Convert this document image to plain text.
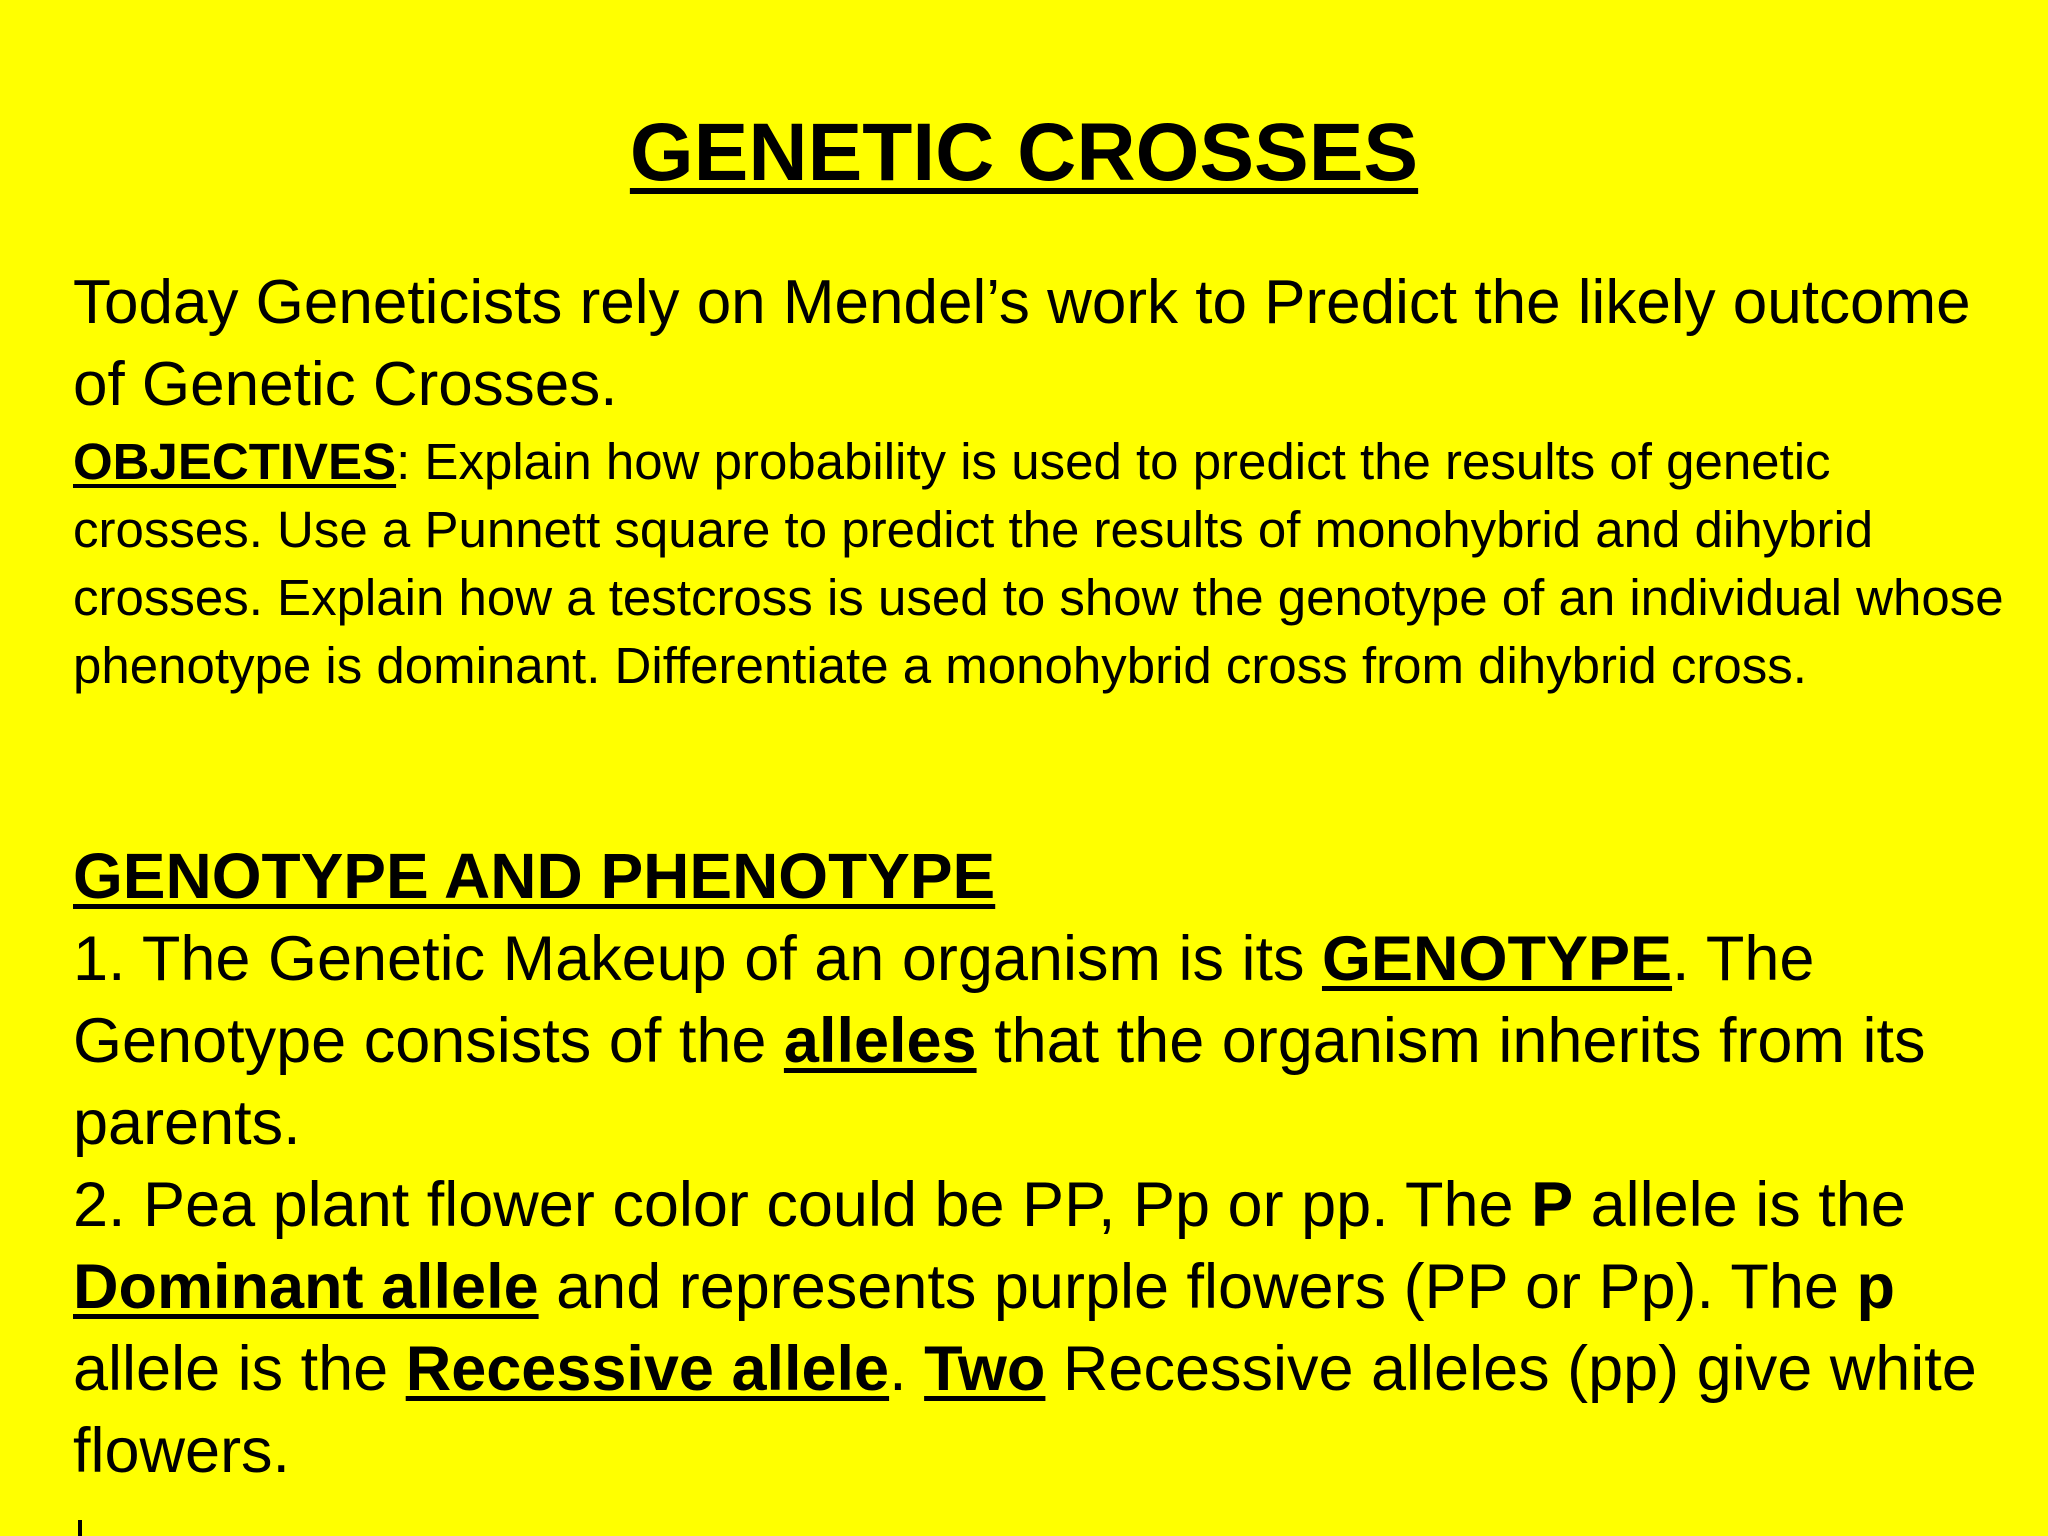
GENETIC CROSSES

Today Geneticists rely on Mendel’s work to Predict the likely outcome of Genetic Crosses.

OBJECTIVES: Explain how probability is used to predict the results of genetic crosses. Use a Punnett square to predict the results of monohybrid and dihybrid crosses. Explain how a testcross is used to show the genotype of an individual whose phenotype is dominant. Differentiate a monohybrid cross from dihybrid cross.

GENOTYPE AND PHENOTYPE

1. The Genetic Makeup of an organism is its GENOTYPE. The Genotype consists of the alleles that the organism inherits from its parents.

2. Pea plant flower color could be PP, Pp or pp. The P allele is the Dominant allele and represents purple flowers (PP or Pp). The p allele is the Recessive allele. Two Recessive alleles (pp) give white flowers.
